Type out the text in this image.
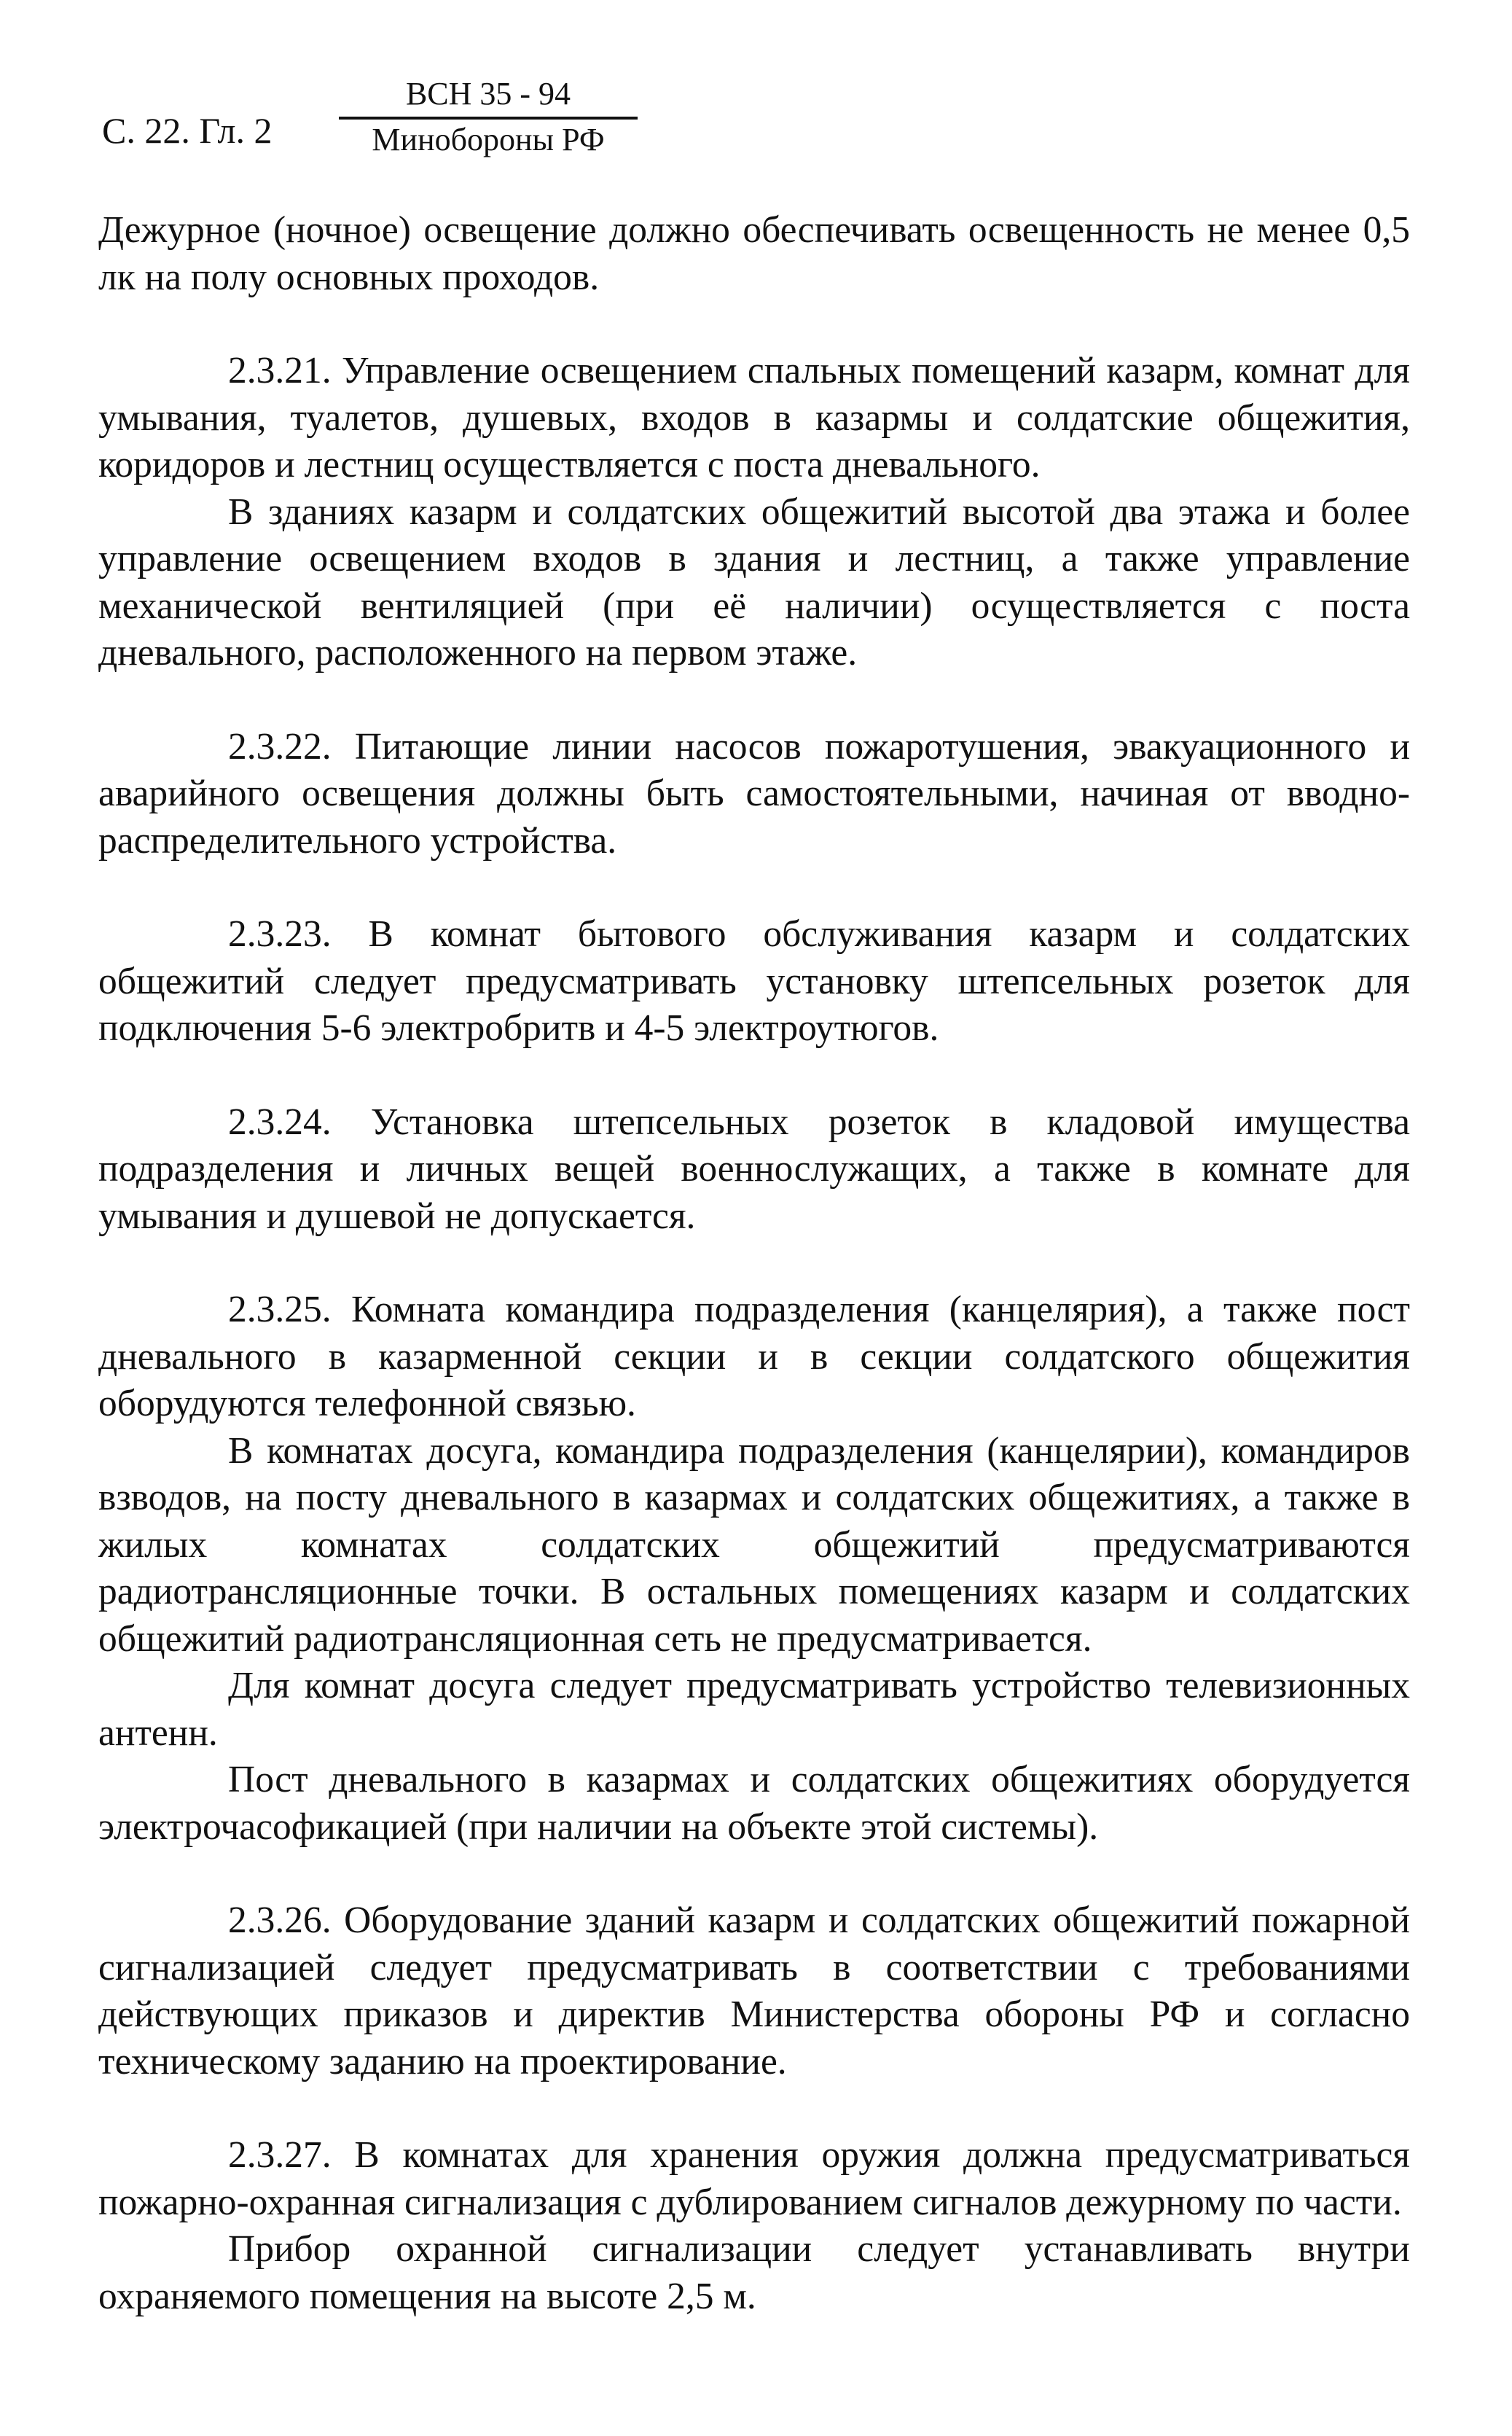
С. 22. Гл. 2
ВСН 35 - 94
Минобороны РФ

Дежурное (ночное) освещение должно обеспечивать освещенность не менее 0,5 лк на полу основных проходов.

2.3.21. Управление освещением спальных помещений казарм, комнат для умывания, туалетов, душевых, входов в казармы и солдатские общежития, коридоров и лестниц осуществляется с поста дневального.

В зданиях казарм и солдатских общежитий высотой два этажа и более управление освещением входов в здания и лестниц, а также управление механической вентиляцией (при её наличии) осуществляется с поста дневального, расположенного на первом этаже.

2.3.22. Питающие линии насосов пожаротушения, эвакуационного и аварийного освещения должны быть самостоятельными, начиная от вводно-распределительного устройства.

2.3.23. В комнат бытового обслуживания казарм и солдатских общежитий следует предусматривать установку штепсельных розеток для подключения 5-6 электробритв и 4-5 электроутюгов.

2.3.24. Установка штепсельных розеток в кладовой имущества подразделения и личных вещей военнослужащих, а также в комнате для умывания и душевой не допускается.

2.3.25. Комната командира подразделения (канцелярия), а также пост дневального в казарменной секции и в секции солдатского общежития оборудуются телефонной связью.

В комнатах досуга, командира подразделения (канцелярии), командиров взводов, на посту дневального в казармах и солдатских общежитиях, а также в жилых комнатах солдатских общежитий предусматриваются радиотрансляционные точки. В остальных помещениях казарм и солдатских общежитий радиотрансляционная сеть не предусматривается.

Для комнат досуга следует предусматривать устройство телевизионных антенн.

Пост дневального в казармах и солдатских общежитиях оборудуется электрочасофикацией (при наличии на объекте этой системы).

2.3.26. Оборудование зданий казарм и солдатских общежитий пожарной сигнализацией следует предусматривать в соответствии с требованиями действующих приказов и директив Министерства обороны РФ и согласно техническому заданию на проектирование.

2.3.27. В комнатах для хранения оружия должна предусматриваться пожарно-охранная сигнализация с дублированием сигналов дежурному по части.

Прибор охранной сигнализации следует устанавливать внутри охраняемого помещения на высоте 2,5 м.
